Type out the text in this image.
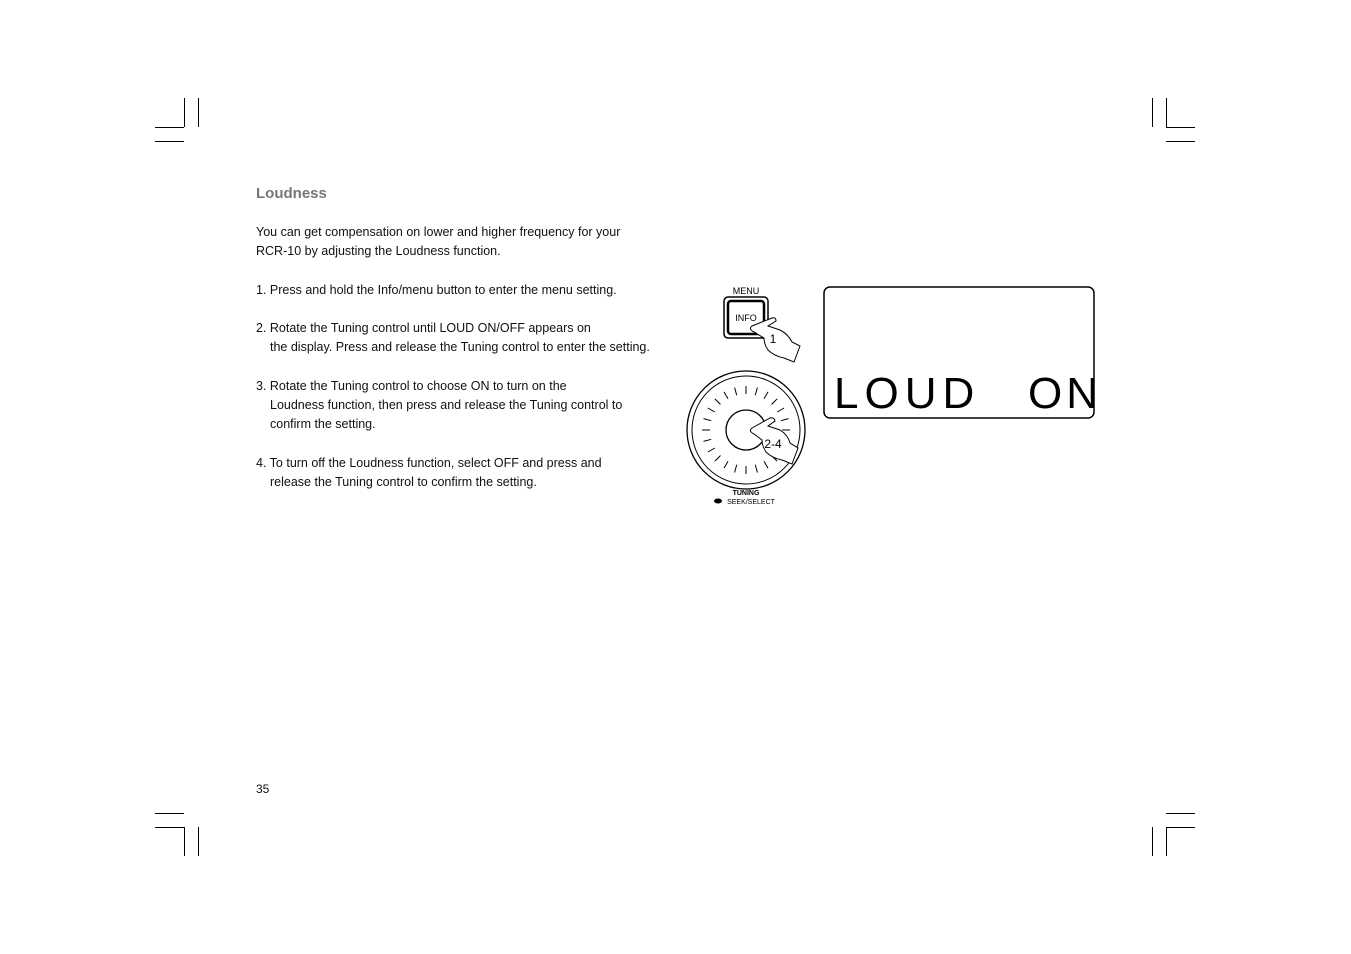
Loudness
You can get compensation on lower and higher frequency for your
RCR-10 by adjusting the Loudness function.
1. Press and hold the Info/menu button to enter the menu setting.
2. Rotate the Tuning control until LOUD ON/OFF appears on
the display. Press and release the Tuning control to enter the setting.
3. Rotate the Tuning control to choose ON to turn on the
Loudness function, then press and release the Tuning control to
confirm the setting.
4. To turn off the Loudness function, select OFF and press and
release the Tuning control to confirm the setting.
MENU
INFO
1
2-4
TUNING
SEEK/SELECT
LOUD ON
35
